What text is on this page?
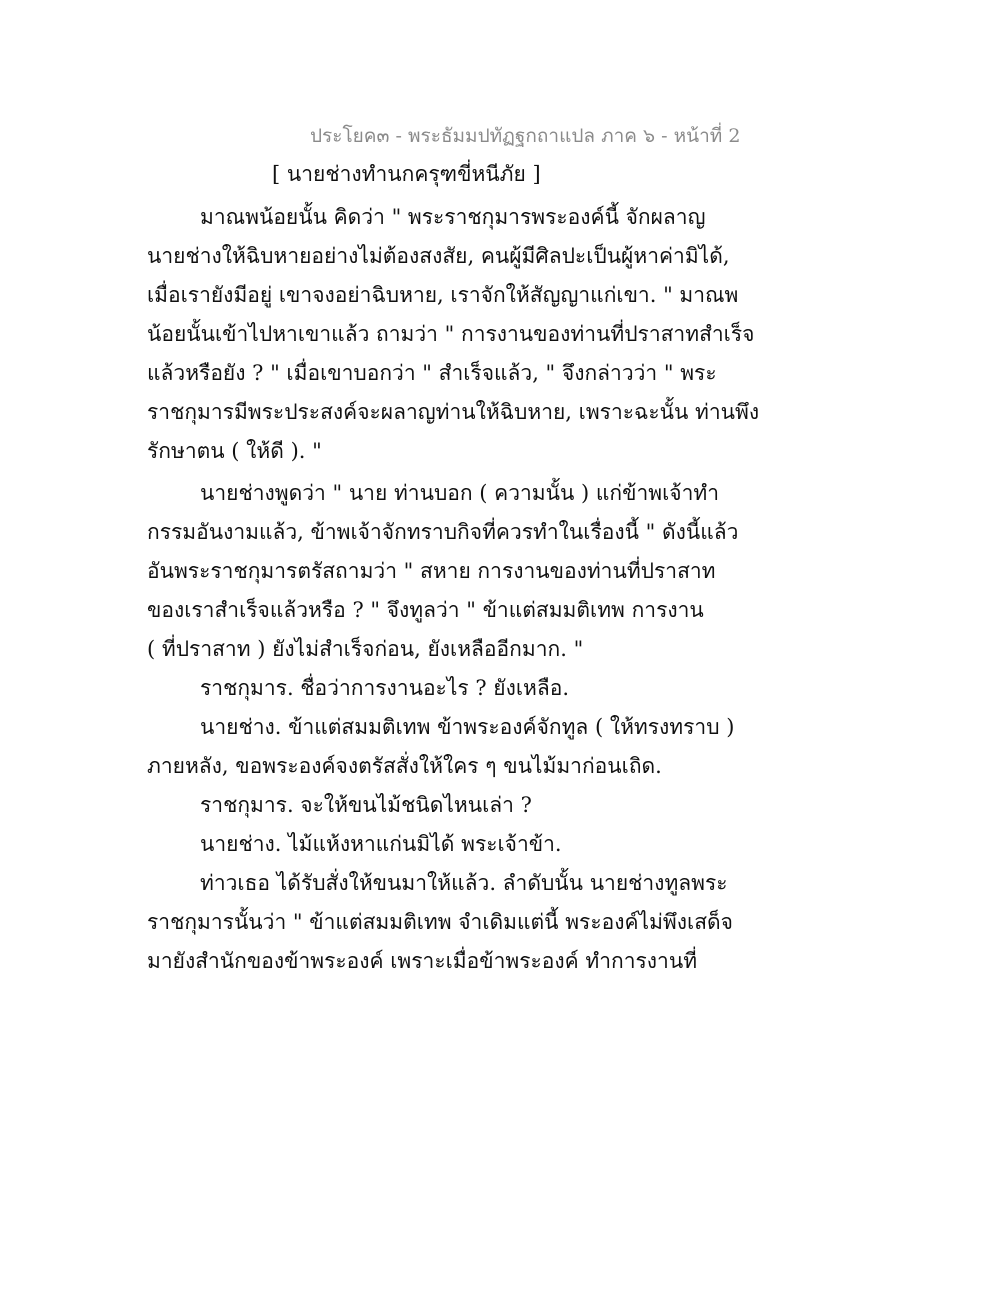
ประโยค๓ - พระธัมมปทัฏฐกถาแปล ภาค ๖ - หน้าที่ 2
[ นายช่างทำนกครุฑขี่หนีภัย ]
มาณพน้อยนั้น คิดว่า " พระราชกุมารพระองค์นี้ จักผลาญ
นายช่างให้ฉิบหายอย่างไม่ต้องสงสัย, คนผู้มีศิลปะเป็นผู้หาค่ามิได้,
เมื่อเรายังมีอยู่ เขาจงอย่าฉิบหาย, เราจักให้สัญญาแก่เขา. " มาณพ
น้อยนั้นเข้าไปหาเขาแล้ว ถามว่า " การงานของท่านที่ปราสาทสำเร็จ
แล้วหรือยัง ? " เมื่อเขาบอกว่า " สำเร็จแล้ว, " จึงกล่าวว่า " พระ
ราชกุมารมีพระประสงค์จะผลาญท่านให้ฉิบหาย, เพราะฉะนั้น ท่านพึง
รักษาตน ( ให้ดี ). "
นายช่างพูดว่า " นาย ท่านบอก ( ความนั้น ) แก่ข้าพเจ้าทำ
กรรมอันงามแล้ว, ข้าพเจ้าจักทราบกิจที่ควรทำในเรื่องนี้ " ดังนี้แล้ว
อันพระราชกุมารตรัสถามว่า " สหาย การงานของท่านที่ปราสาท
ของเราสำเร็จแล้วหรือ ? " จึงทูลว่า " ข้าแต่สมมติเทพ การงาน
( ที่ปราสาท ) ยังไม่สำเร็จก่อน, ยังเหลืออีกมาก. "
ราชกุมาร. ชื่อว่าการงานอะไร ? ยังเหลือ.
นายช่าง. ข้าแต่สมมติเทพ ข้าพระองค์จักทูล ( ให้ทรงทราบ )
ภายหลัง, ขอพระองค์จงตรัสสั่งให้ใคร ๆ ขนไม้มาก่อนเถิด.
ราชกุมาร. จะให้ขนไม้ชนิดไหนเล่า ?
นายช่าง. ไม้แห้งหาแก่นมิได้ พระเจ้าข้า.
ท่าวเธอ ได้รับสั่งให้ขนมาให้แล้ว. ลำดับนั้น นายช่างทูลพระ
ราชกุมารนั้นว่า " ข้าแต่สมมติเทพ จำเดิมแต่นี้ พระองค์ไม่พึงเสด็จ
มายังสำนักของข้าพระองค์ เพราะเมื่อข้าพระองค์ ทำการงานที่
